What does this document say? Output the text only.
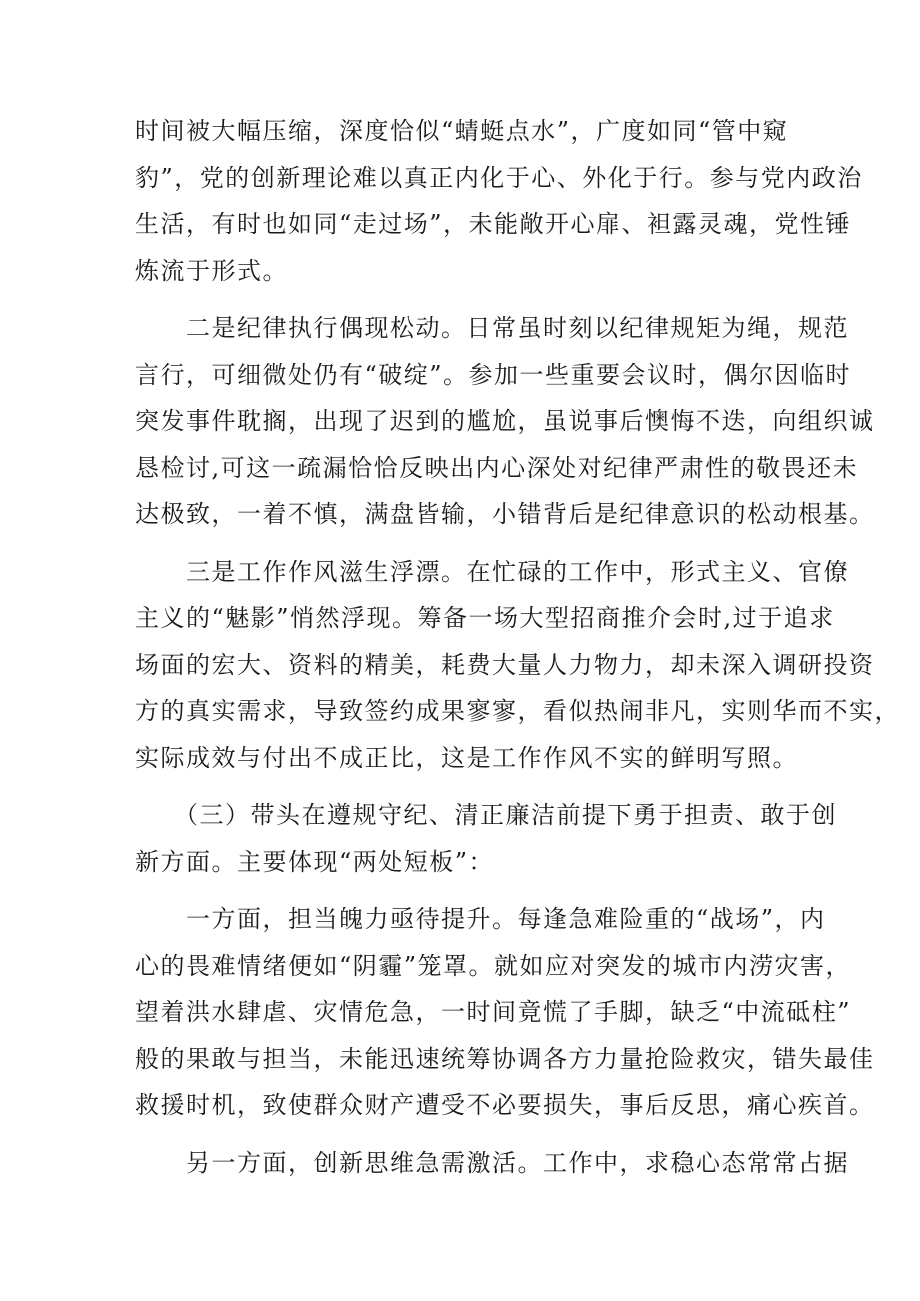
时间被大幅压缩，深度恰似“蜻蜓点水”，广度如同“管中窥
豹”，党的创新理论难以真正内化于心、外化于行。参与党内政治
生活，有时也如同“走过场”，未能敞开心扉、袒露灵魂，党性锤
炼流于形式。
　　二是纪律执行偶现松动。日常虽时刻以纪律规矩为绳，规范
言行，可细微处仍有“破绽”。参加一些重要会议时，偶尔因临时
突发事件耽搁，出现了迟到的尴尬，虽说事后懊悔不迭，向组织诚
恳检讨,可这一疏漏恰恰反映出内心深处对纪律严肃性的敬畏还未
达极致，一着不慎，满盘皆输，小错背后是纪律意识的松动根基。
　　三是工作作风滋生浮漂。在忙碌的工作中，形式主义、官僚
主义的“魅影”悄然浮现。筹备一场大型招商推介会时,过于追求
场面的宏大、资料的精美，耗费大量人力物力，却未深入调研投资
方的真实需求，导致签约成果寥寥，看似热闹非凡，实则华而不实，
实际成效与付出不成正比，这是工作作风不实的鲜明写照。
　　（三）带头在遵规守纪、清正廉洁前提下勇于担责、敢于创
新方面。主要体现“两处短板”：
　　一方面，担当魄力亟待提升。每逢急难险重的“战场”，内
心的畏难情绪便如“阴霾”笼罩。就如应对突发的城市内涝灾害，
望着洪水肆虐、灾情危急，一时间竟慌了手脚，缺乏“中流砥柱”
般的果敢与担当，未能迅速统筹协调各方力量抢险救灾，错失最佳
救援时机，致使群众财产遭受不必要损失，事后反思，痛心疾首。
　　另一方面，创新思维急需激活。工作中，求稳心态常常占据
